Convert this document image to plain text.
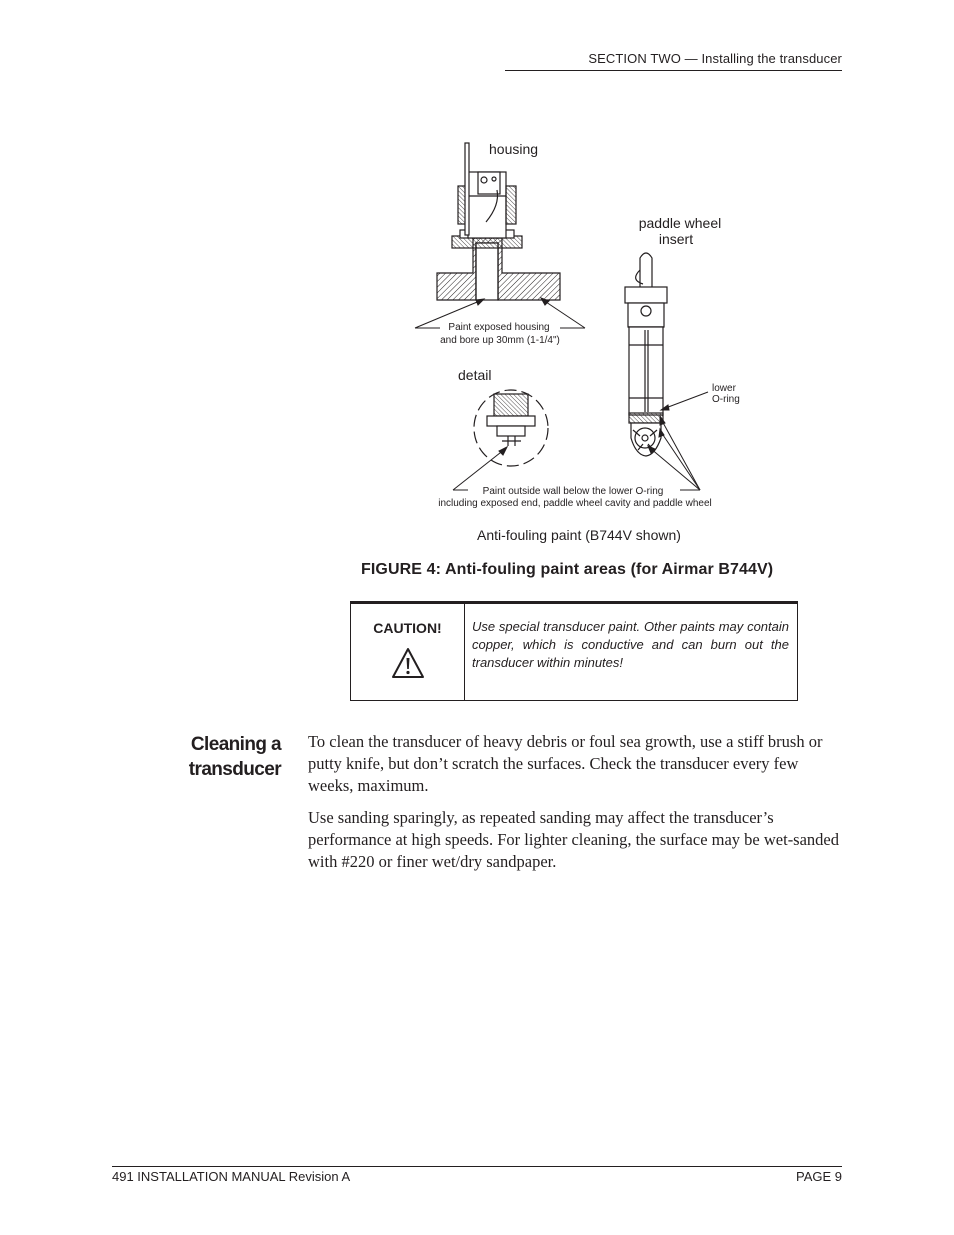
SECTION TWO — Installing the transducer
housing
Paint exposed housing
and bore up 30mm (1-1/4")
paddle wheel
insert
lower
O-ring
detail
Paint outside wall below the lower O-ring
including exposed end, paddle wheel cavity and paddle wheel
Anti-fouling paint (B744V shown)
FIGURE 4: Anti-fouling paint areas (for Airmar B744V)
CAUTION!	Use special transducer paint. Other paints may contain copper, which is conductive and can burn out the transducer within minutes!
Cleaning a
transducer

To clean the transducer of heavy debris or foul sea growth, use a stiff brush or putty knife, but don’t scratch the surfaces. Check the transducer every few weeks, maximum.

Use sanding sparingly, as repeated sanding may affect the transducer’s performance at high speeds. For lighter cleaning, the surface may be wet-sanded with #220 or finer wet/dry sandpaper.

491 INSTALLATION MANUAL Revision A	PAGE 9
